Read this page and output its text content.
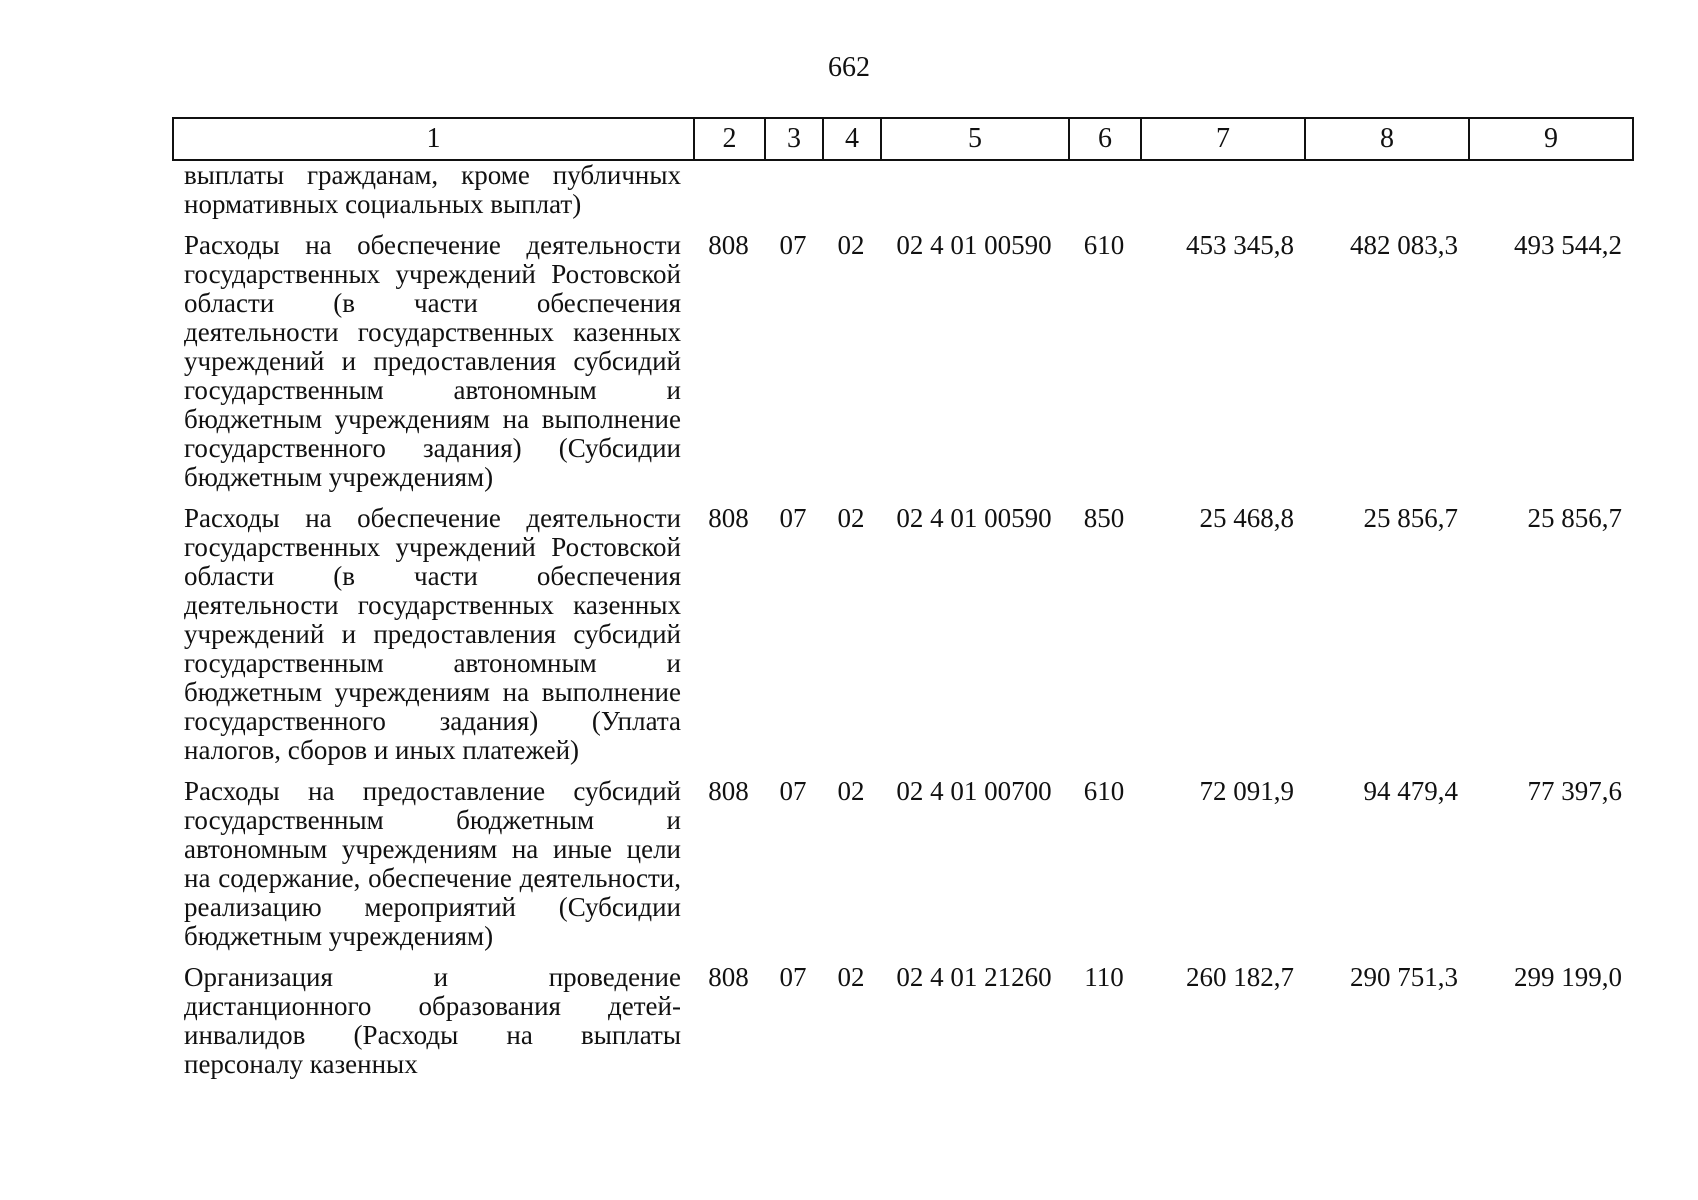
662
1	2	3	4	5	6	7	8	9
выплаты гражданам, кроме публичных нормативных социальных выплат)								
Расходы на обеспечение деятельности государственных учреждений Ростовской области (в части обеспечения деятельности государственных казенных учреждений и предоставления субсидий государственным автономным и бюджетным учреждениям на выполнение государственного задания) (Субсидии бюджетным учреждениям)	808	07	02	02 4 01 00590	610	453 345,8	482 083,3	493 544,2
Расходы на обеспечение деятельности государственных учреждений Ростовской области (в части обеспечения деятельности государственных казенных учреждений и предоставления субсидий государственным автономным и бюджетным учреждениям на выполнение государственного задания) (Уплата налогов, сборов и иных платежей)	808	07	02	02 4 01 00590	850	25 468,8	25 856,7	25 856,7
Расходы на предоставление субсидий государственным бюджетным и автономным учреждениям на иные цели на содержание, обеспечение деятельности, реализацию мероприятий (Субсидии бюджетным учреждениям)	808	07	02	02 4 01 00700	610	72 091,9	94 479,4	77 397,6
Организация и проведение дистанционного образования детей-инвалидов (Расходы на выплаты персоналу казенных	808	07	02	02 4 01 21260	110	260 182,7	290 751,3	299 199,0
